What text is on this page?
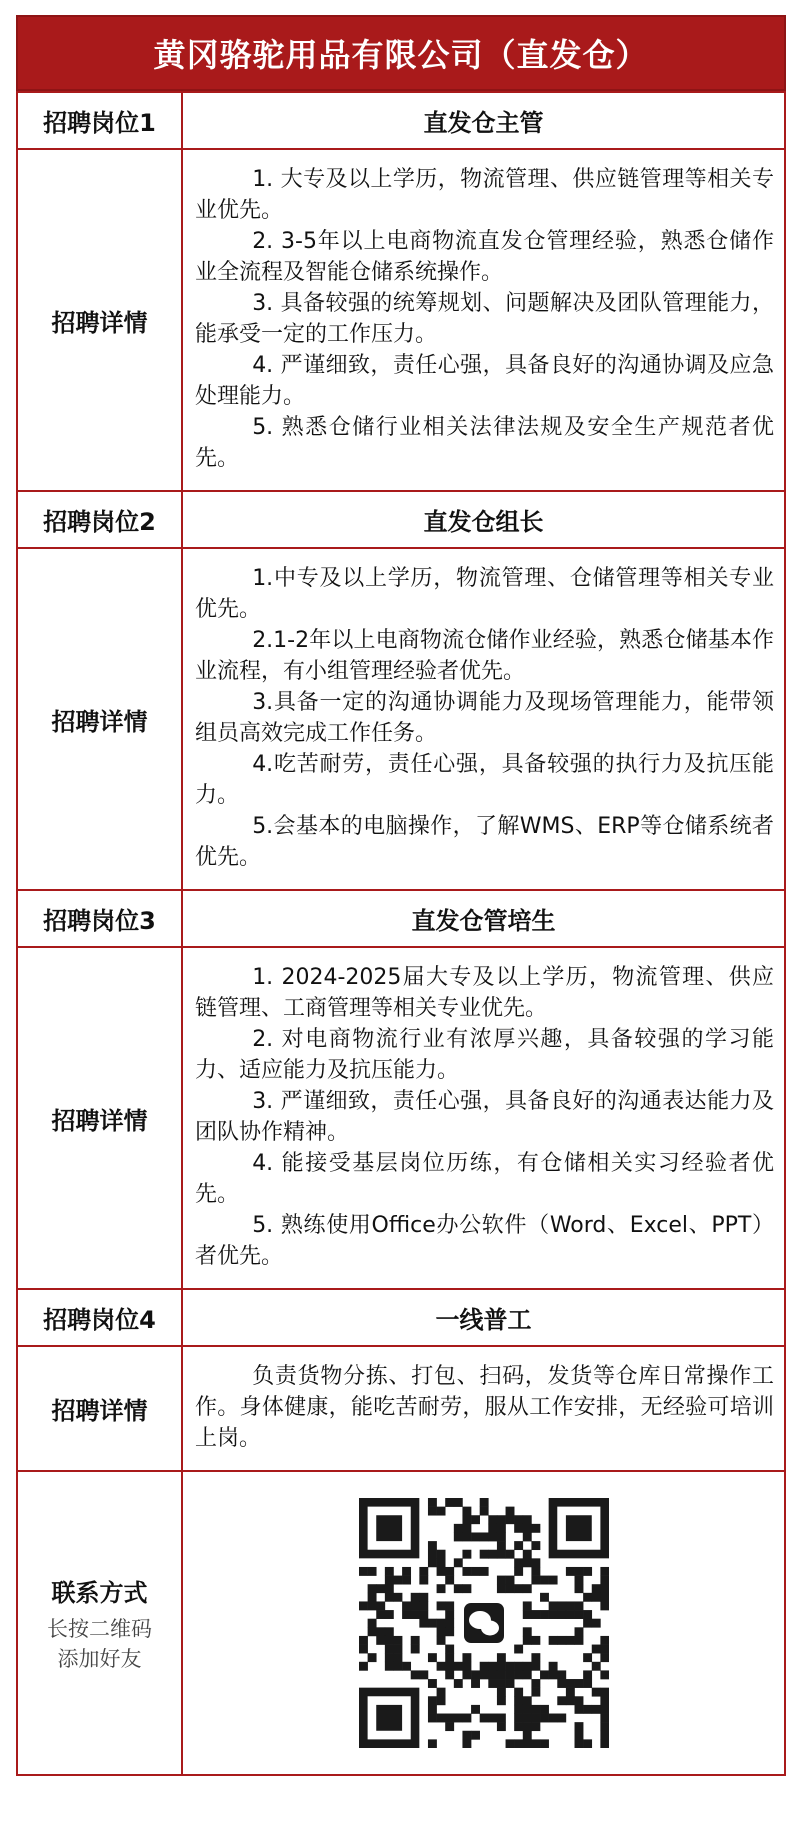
黄冈骆驼用品有限公司（直发仓）
招聘岗位1	直发仓主管
招聘详情	1. 大专及以上学历，物流管理、供应链管理等相关专业优先。

2. 3-5年以上电商物流直发仓管理经验，熟悉仓储作业全流程及智能仓储系统操作。

3. 具备较强的统筹规划、问题解决及团队管理能力，能承受一定的工作压力。

4. 严谨细致，责任心强，具备良好的沟通协调及应急处理能力。

5. 熟悉仓储行业相关法律法规及安全生产规范者优先。

招聘岗位2	直发仓组长
招聘详情	1.中专及以上学历，物流管理、仓储管理等相关专业优先。

2.1-2年以上电商物流仓储作业经验，熟悉仓储基本作业流程，有小组管理经验者优先。

3.具备一定的沟通协调能力及现场管理能力，能带领组员高效完成工作任务。

4.吃苦耐劳，责任心强，具备较强的执行力及抗压能力。

5.会基本的电脑操作，了解WMS、ERP等仓储系统者优先。

招聘岗位3	直发仓管培生
招聘详情	1. 2024-2025届大专及以上学历，物流管理、供应链管理、工商管理等相关专业优先。

2. 对电商物流行业有浓厚兴趣，具备较强的学习能力、适应能力及抗压能力。

3. 严谨细致，责任心强，具备良好的沟通表达能力及团队协作精神。

4. 能接受基层岗位历练，有仓储相关实习经验者优先。

5. 熟练使用Office办公软件（Word、Excel、PPT）者优先。

招聘岗位4	一线普工
招聘详情	负责货物分拣、打包、扫码，发货等仓库日常操作工作。身体健康，能吃苦耐劳，服从工作安排，无经验可培训上岗。

联系方式
长按二维码
添加好友
